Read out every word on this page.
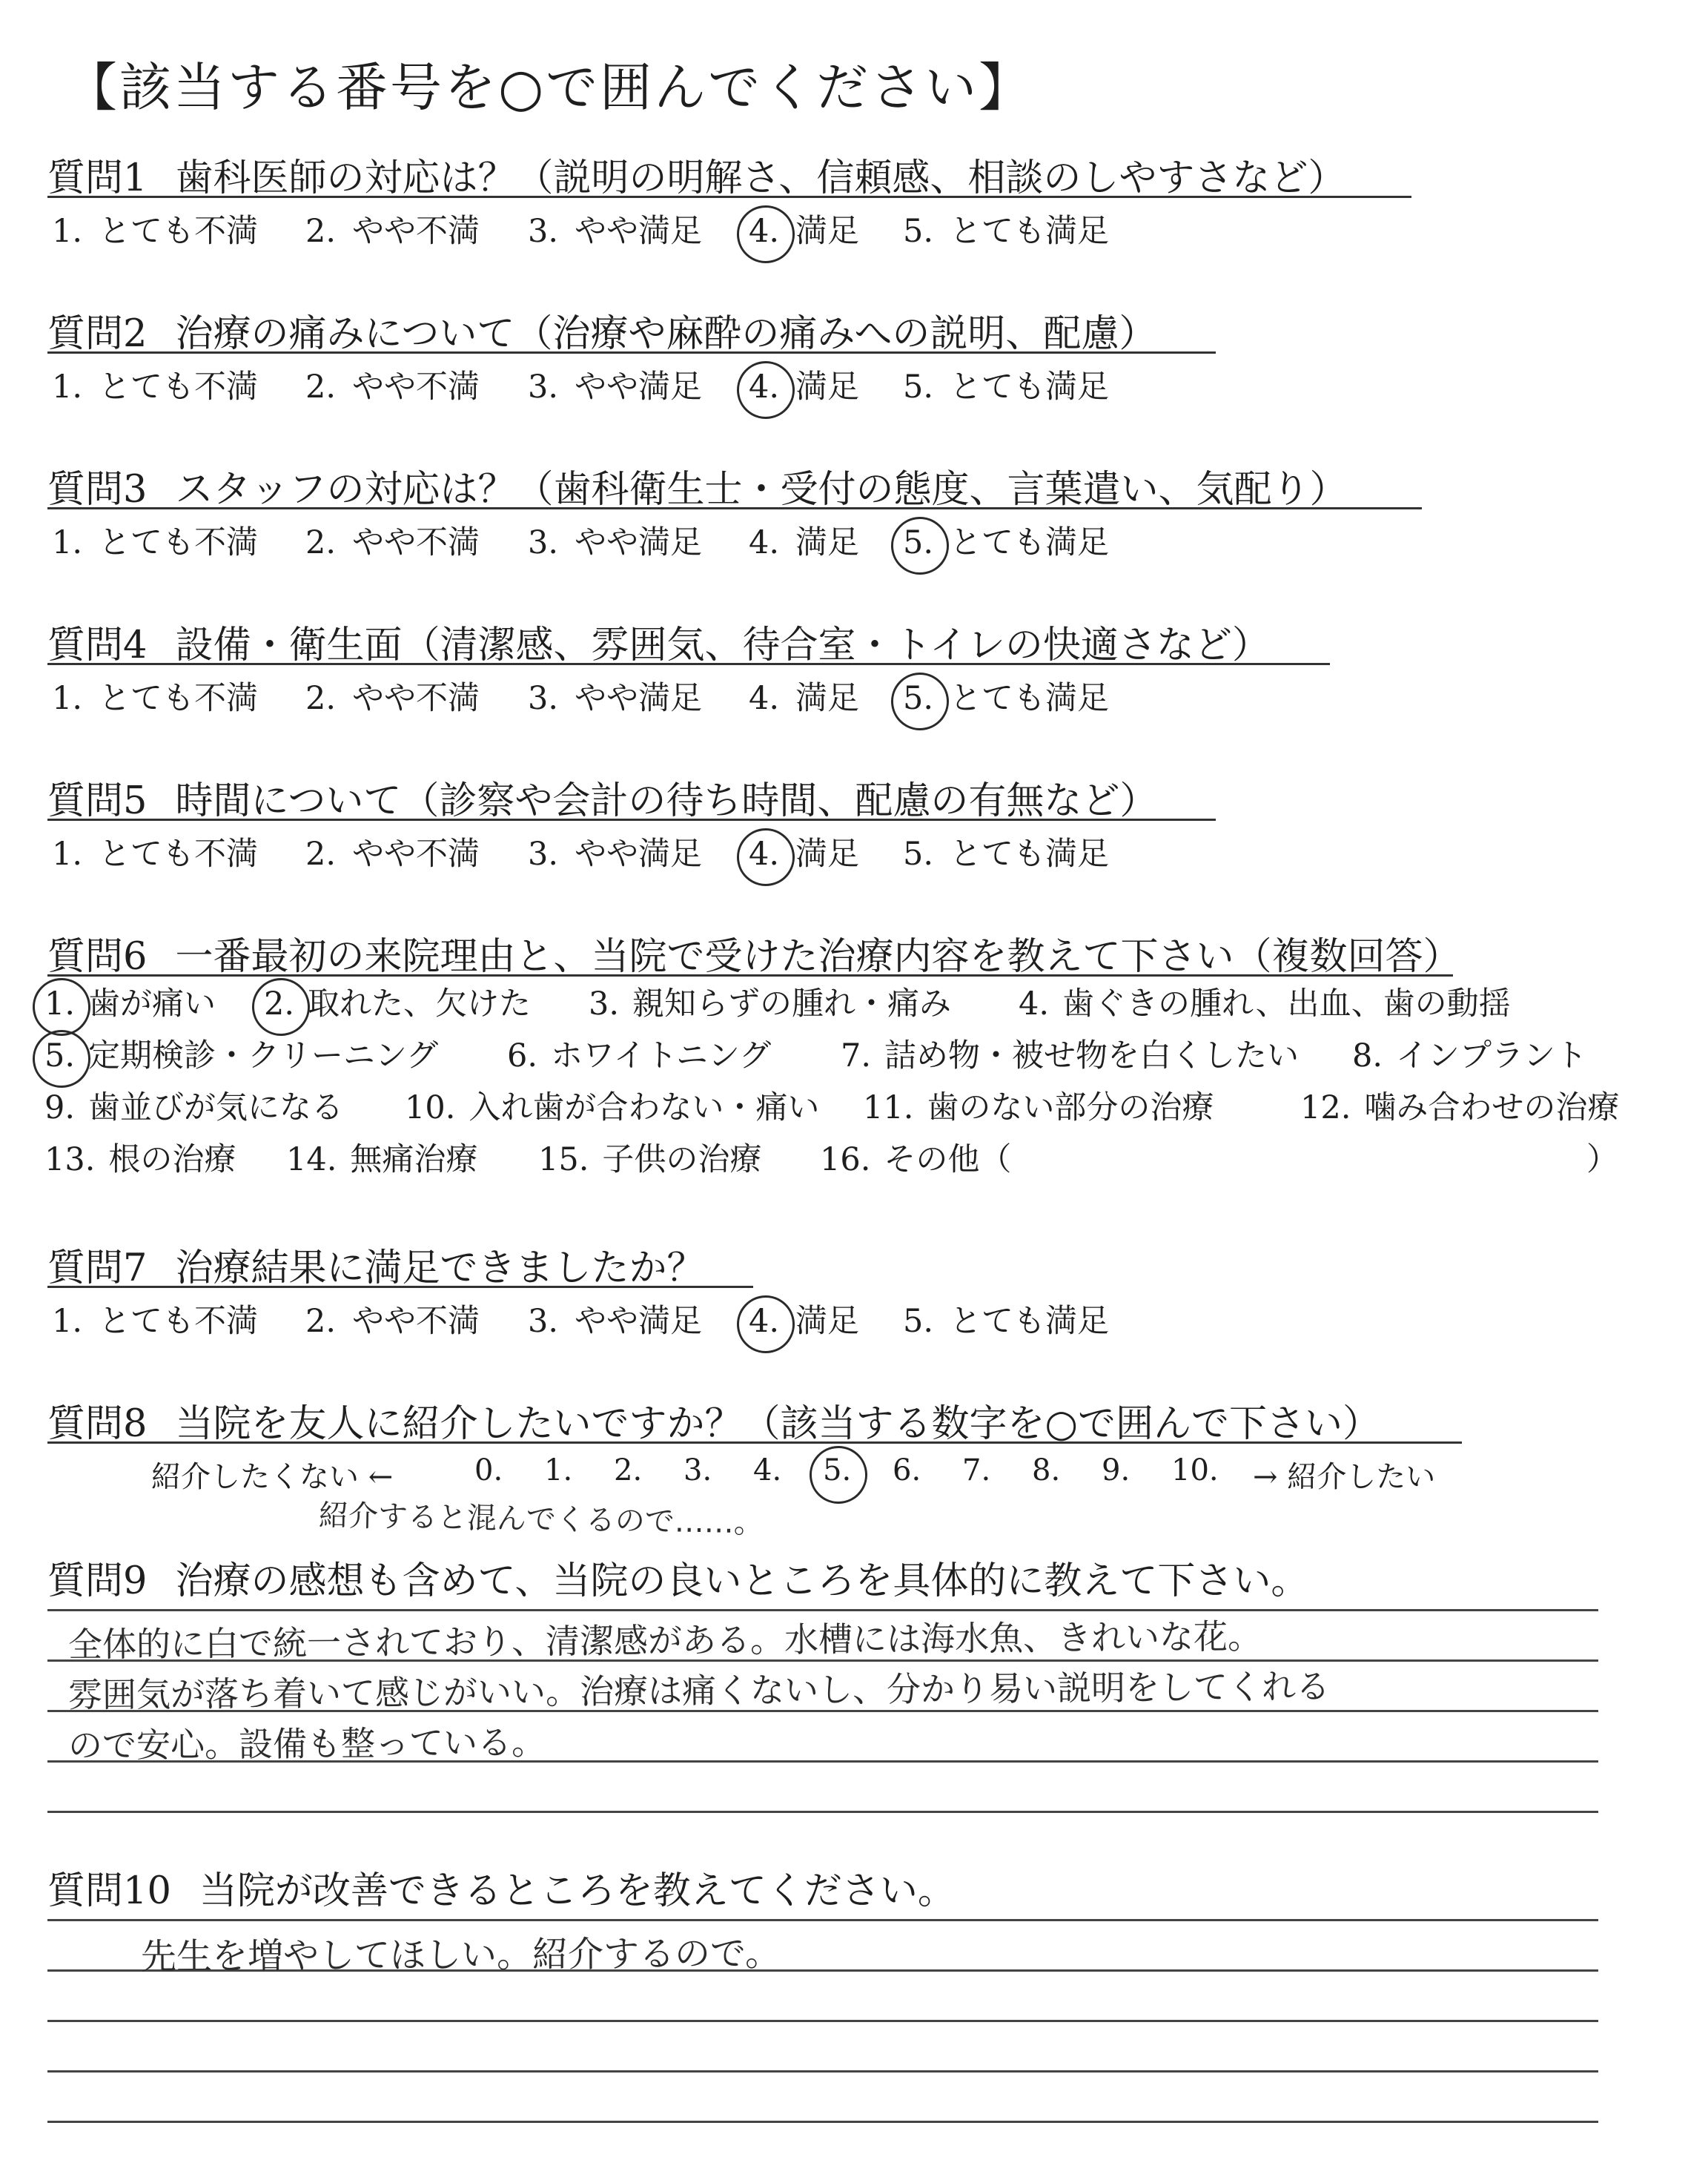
【該当する番号を○で囲んでください】
質問1 歯科医師の対応は？（説明の明解さ、信頼感、相談のしやすさなど）
1. とても不満 2. やや不満 3. やや満足 4. 満足 5. とても満足
質問2 治療の痛みについて（治療や麻酔の痛みへの説明、配慮）
1. とても不満 2. やや不満 3. やや満足 4. 満足 5. とても満足
質問3 スタッフの対応は？（歯科衛生士・受付の態度、言葉遣い、気配り）
1. とても不満 2. やや不満 3. やや満足 4. 満足 5. とても満足
質問4 設備・衛生面（清潔感、雰囲気、待合室・トイレの快適さなど）
1. とても不満 2. やや不満 3. やや満足 4. 満足 5. とても満足
質問5 時間について（診察や会計の待ち時間、配慮の有無など）
1. とても不満 2. やや不満 3. やや満足 4. 満足 5. とても満足
質問6 一番最初の来院理由と、当院で受けた治療内容を教えて下さい（複数回答）
1. 歯が痛い 2. 取れた、欠けた 3. 親知らずの腫れ・痛み 4. 歯ぐきの腫れ、出血、歯の動揺
5. 定期検診・クリーニング 6. ホワイトニング 7. 詰め物・被せ物を白くしたい 8. インプラント
9. 歯並びが気になる 10. 入れ歯が合わない・痛い 11. 歯のない部分の治療	12. 噛み合わせの治療
13. 根の治療 14. 無痛治療 15. 子供の治療 16. その他（	）
質問7 治療結果に満足できましたか？
1. とても不満 2. やや不満 3. やや満足 4. 満足 5. とても満足
質問8 当院を友人に紹介したいですか？（該当する数字を○で囲んで下さい）
紹介したくない ←	0. 1. 2. 3. 4. 5. 6. 7. 8. 9. 10. → 紹介したい
紹介すると混んでくるので……。
質問9 治療の感想も含めて、当院の良いところを具体的に教えて下さい。
全体的に白で統一されており、清潔感がある。水槽には海水魚、きれいな花。
雰囲気が落ち着いて感じがいい。治療は痛くないし、分かり易い説明をしてくれる
ので安心。設備も整っている。
質問10 当院が改善できるところを教えてください。
先生を増やしてほしい。紹介するので。
